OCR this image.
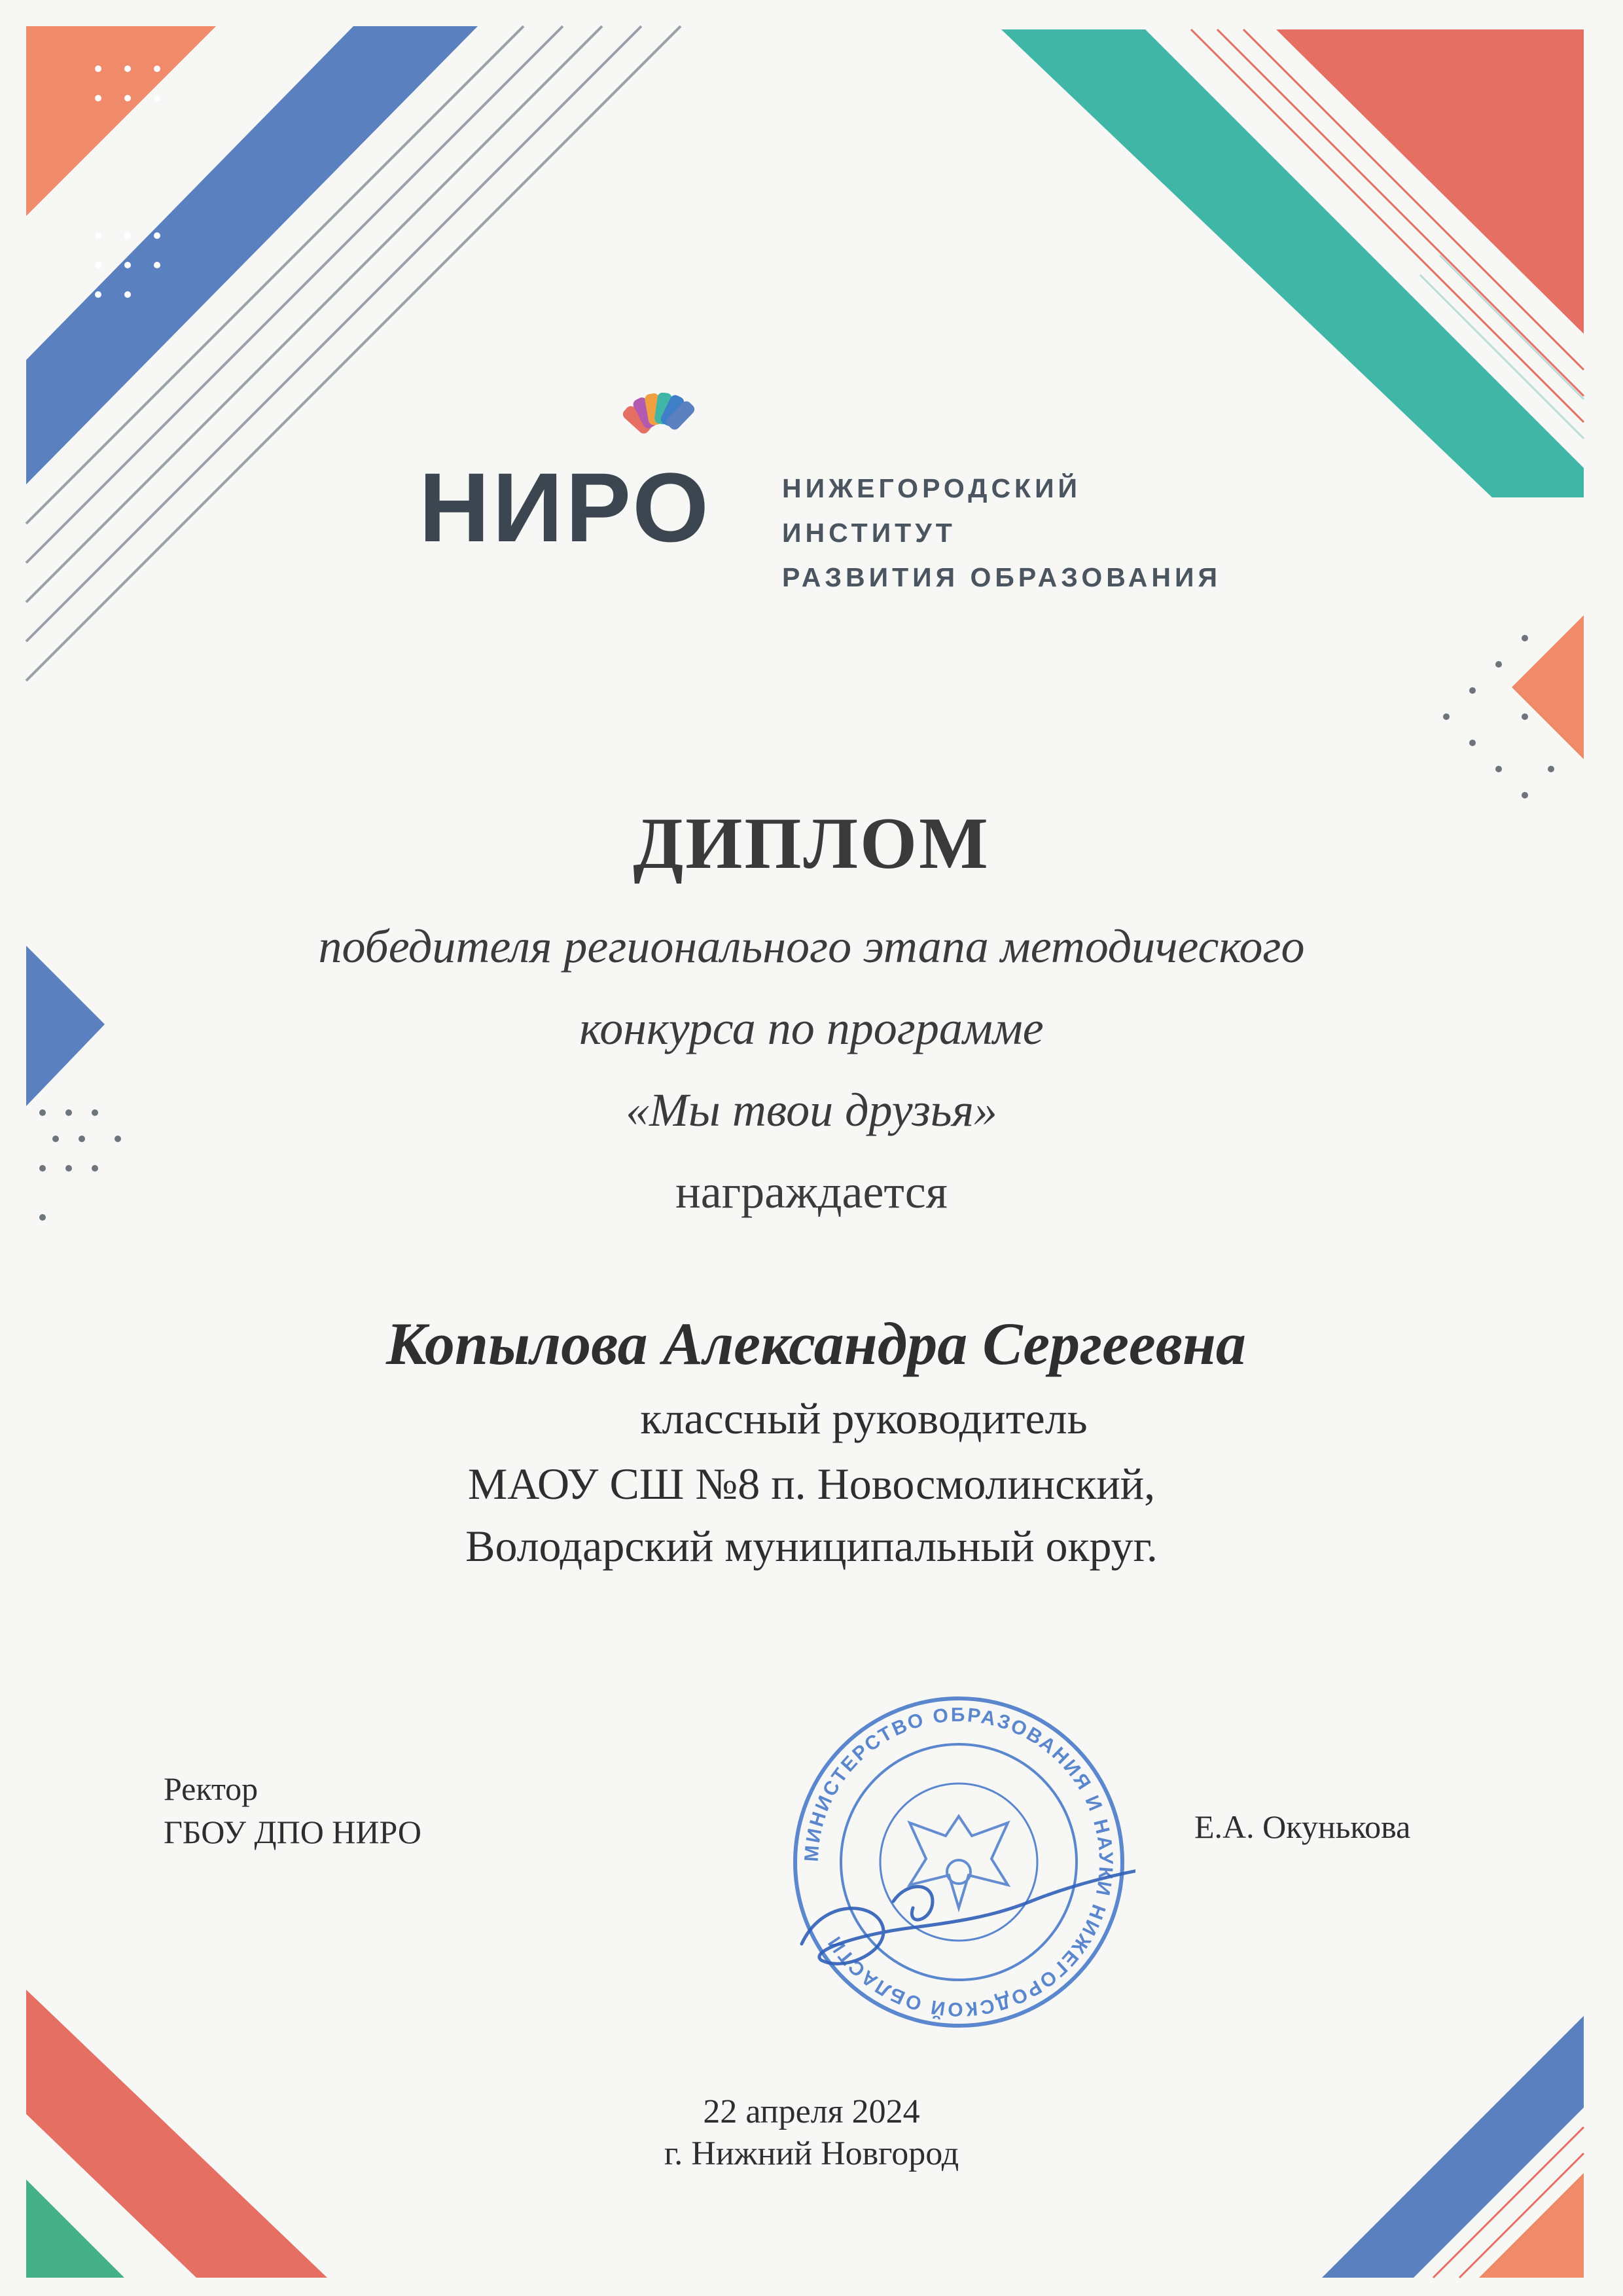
НИРО	НИЖЕГОРОДСКИЙ ИНСТИТУТ
РАЗВИТИЯ ОБРАЗОВАНИЯ
ДИПЛОМ
победителя регионального этапа методического
конкурса по программе
«Мы твои друзья»
награждается
Копылова Александра Сергеевна
классный руководитель
МАОУ СШ №8 п. Новосмолинский,
Володарский муниципальный округ.
Ректор
ГБОУ ДПО НИРО	Е.А. Окунькова
МИНИСТЕРСТВО ОБРАЗОВАНИЯ И НАУКИ НИЖЕГОРОДСКОЙ ОБЛАСТИ
22 апреля 2024
г. Нижний Новгород
